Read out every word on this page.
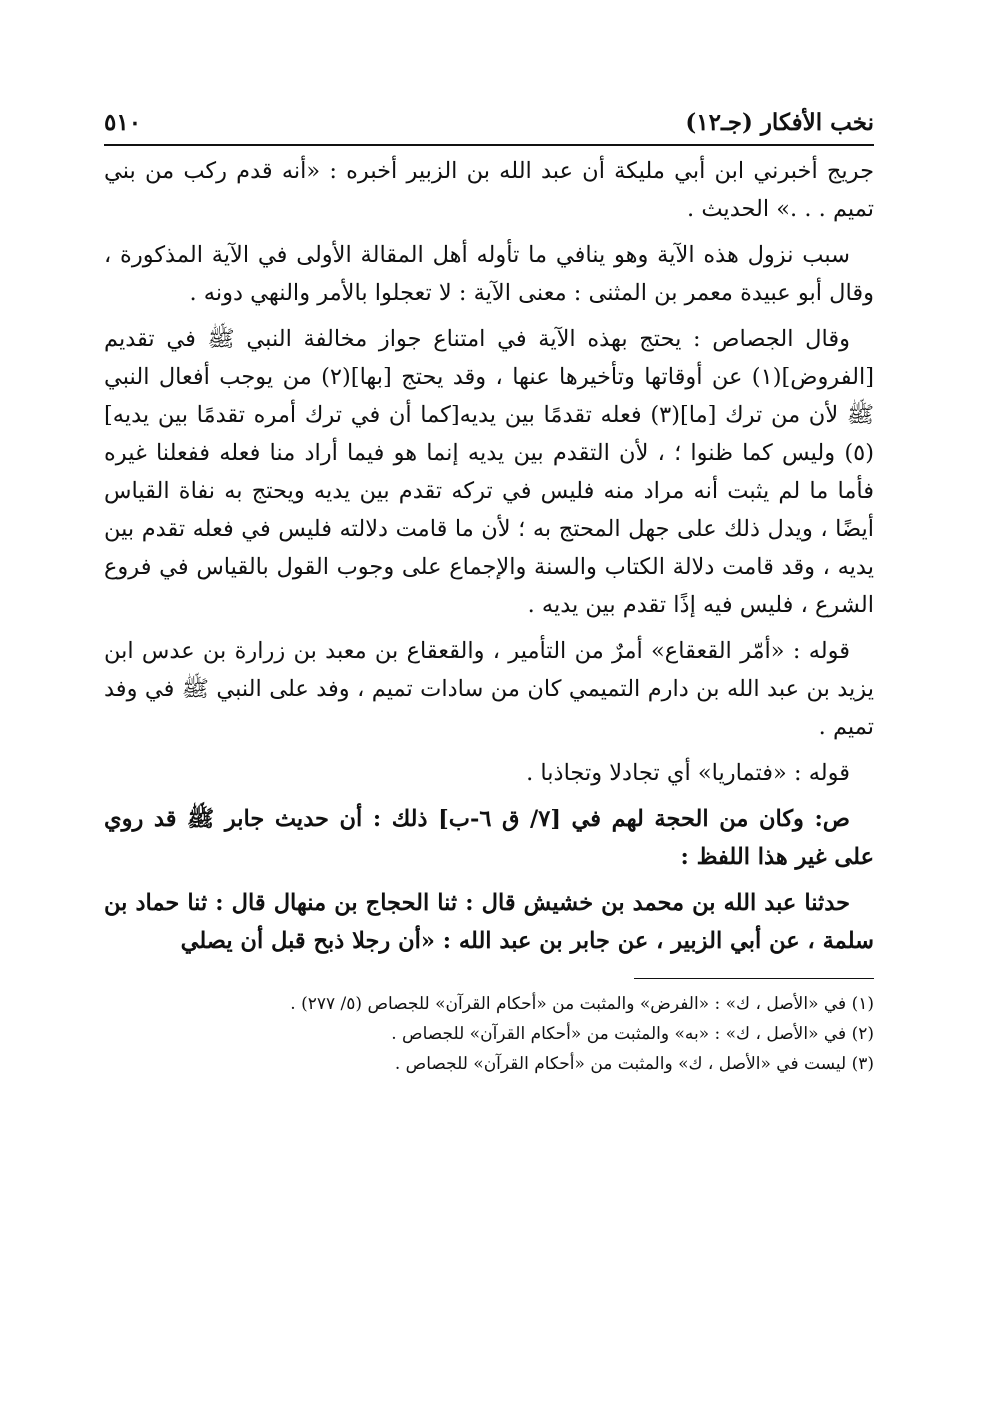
نخب الأفكار (جـ١٢)
٥١٠

جريج أخبرني ابن أبي مليكة أن عبد الله بن الزبير أخبره : «أنه قدم ركب من بني تميم . . .» الحديث .

سبب نزول هذه الآية وهو ينافي ما تأوله أهل المقالة الأولى في الآية المذكورة ، وقال أبو عبيدة معمر بن المثنى : معنى الآية : لا تعجلوا بالأمر والنهي دونه .

وقال الجصاص : يحتج بهذه الآية في امتناع جواز مخالفة النبي ﷺ في تقديم [الفروض](١) عن أوقاتها وتأخيرها عنها ، وقد يحتج [بها](٢) من يوجب أفعال النبي ﷺ لأن من ترك [ما](٣) فعله تقدمًا بين يديه[كما أن في ترك أمره تقدمًا بين يديه](٥) وليس كما ظنوا ؛ ، لأن التقدم بين يديه إنما هو فيما أراد منا فعله ففعلنا غيره فأما ما لم يثبت أنه مراد منه فليس في تركه تقدم بين يديه ويحتج به نفاة القياس أيضًا ، ويدل ذلك على جهل المحتج به ؛ لأن ما قامت دلالته فليس في فعله تقدم بين يديه ، وقد قامت دلالة الكتاب والسنة والإجماع على وجوب القول بالقياس في فروع الشرع ، فليس فيه إذًا تقدم بين يديه .

قوله : «أمّر القعقاع» أمرٌ من التأمير ، والقعقاع بن معبد بن زرارة بن عدس ابن يزيد بن عبد الله بن دارم التميمي كان من سادات تميم ، وفد على النبي ﷺ في وفد تميم .

قوله : «فتماريا» أي تجادلا وتجاذبا .

ص: وكان من الحجة لهم في [٧/ ق ٦-ب] ذلك : أن حديث جابر ﷺ قد روي على غير هذا اللفظ :

حدثنا عبد الله بن محمد بن خشيش قال : ثنا الحجاج بن منهال قال : ثنا حماد بن سلمة ، عن أبي الزبير ، عن جابر بن عبد الله : «أن رجلا ذبح قبل أن يصلي

(١) في «الأصل ، ك» : «الفرض» والمثبت من «أحكام القرآن» للجصاص (٥/ ٢٧٧) .
(٢) في «الأصل ، ك» : «به» والمثبت من «أحكام القرآن» للجصاص .
(٣) ليست في «الأصل ، ك» والمثبت من «أحكام القرآن» للجصاص .
